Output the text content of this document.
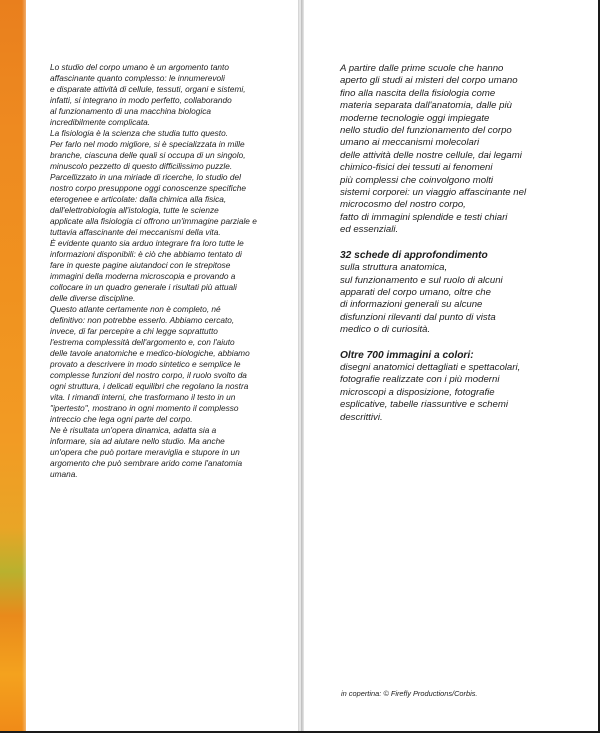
Lo studio del corpo umano è un argomento tanto

affascinante quanto complesso: le innumerevoli

e disparate attività di cellule, tessuti, organi e sistemi,

infatti, si integrano in modo perfetto, collaborando

al funzionamento di una macchina biologica

incredibilmente complicata.

La fisiologia è la scienza che studia tutto questo.

Per farlo nel modo migliore, si è specializzata in mille

branche, ciascuna delle quali si occupa di un singolo,

minuscolo pezzetto di questo difficilissimo puzzle.

Parcellizzato in una miriade di ricerche, lo studio del

nostro corpo presuppone oggi conoscenze specifiche

eterogenee e articolate: dalla chimica alla fisica,

dall'elettrobiologia all'istologia, tutte le scienze

applicate alla fisiologia ci offrono un'immagine parziale e

tuttavia affascinante dei meccanismi della vita.

È evidente quanto sia arduo integrare fra loro tutte le

informazioni disponibili: è ciò che abbiamo tentato di

fare in queste pagine aiutandoci con le strepitose

immagini della moderna microscopia e provando a

collocare in un quadro generale i risultati più attuali

delle diverse discipline.

Questo atlante certamente non è completo, né

definitivo: non potrebbe esserlo. Abbiamo cercato,

invece, di far percepire a chi legge soprattutto

l'estrema complessità dell'argomento e, con l'aiuto

delle tavole anatomiche e medico-biologiche, abbiamo

provato a descrivere in modo sintetico e semplice le

complesse funzioni del nostro corpo, il ruolo svolto da

ogni struttura, i delicati equilibri che regolano la nostra

vita. I rimandi interni, che trasformano il testo in un

"ipertesto", mostrano in ogni momento il complesso

intreccio che lega ogni parte del corpo.

Ne è risultata un'opera dinamica, adatta sia a

informare, sia ad aiutare nello studio. Ma anche

un'opera che può portare meraviglia e stupore in un

argomento che può sembrare arido come l'anatomia

umana.

A partire dalle prime scuole che hanno

aperto gli studi ai misteri del corpo umano

fino alla nascita della fisiologia come

materia separata dall'anatomia, dalle più

moderne tecnologie oggi impiegate

nello studio del funzionamento del corpo

umano ai meccanismi molecolari

delle attività delle nostre cellule, dai legami

chimico-fisici dei tessuti ai fenomeni

più complessi che coinvolgono molti

sistemi corporei: un viaggio affascinante nel

microcosmo del nostro corpo,

fatto di immagini splendide e testi chiari

ed essenziali.

32 schede di approfondimento

sulla struttura anatomica,

sul funzionamento e sul ruolo di alcuni

apparati del corpo umano, oltre che

di informazioni generali su alcune

disfunzioni rilevanti dal punto di vista

medico o di curiosità.

Oltre 700 immagini a colori:

disegni anatomici dettagliati e spettacolari,

fotografie realizzate con i più moderni

microscopi a disposizione, fotografie

esplicative, tabelle riassuntive e schemi

descrittivi.

in copertina: © Firefly Productions/Corbis.
